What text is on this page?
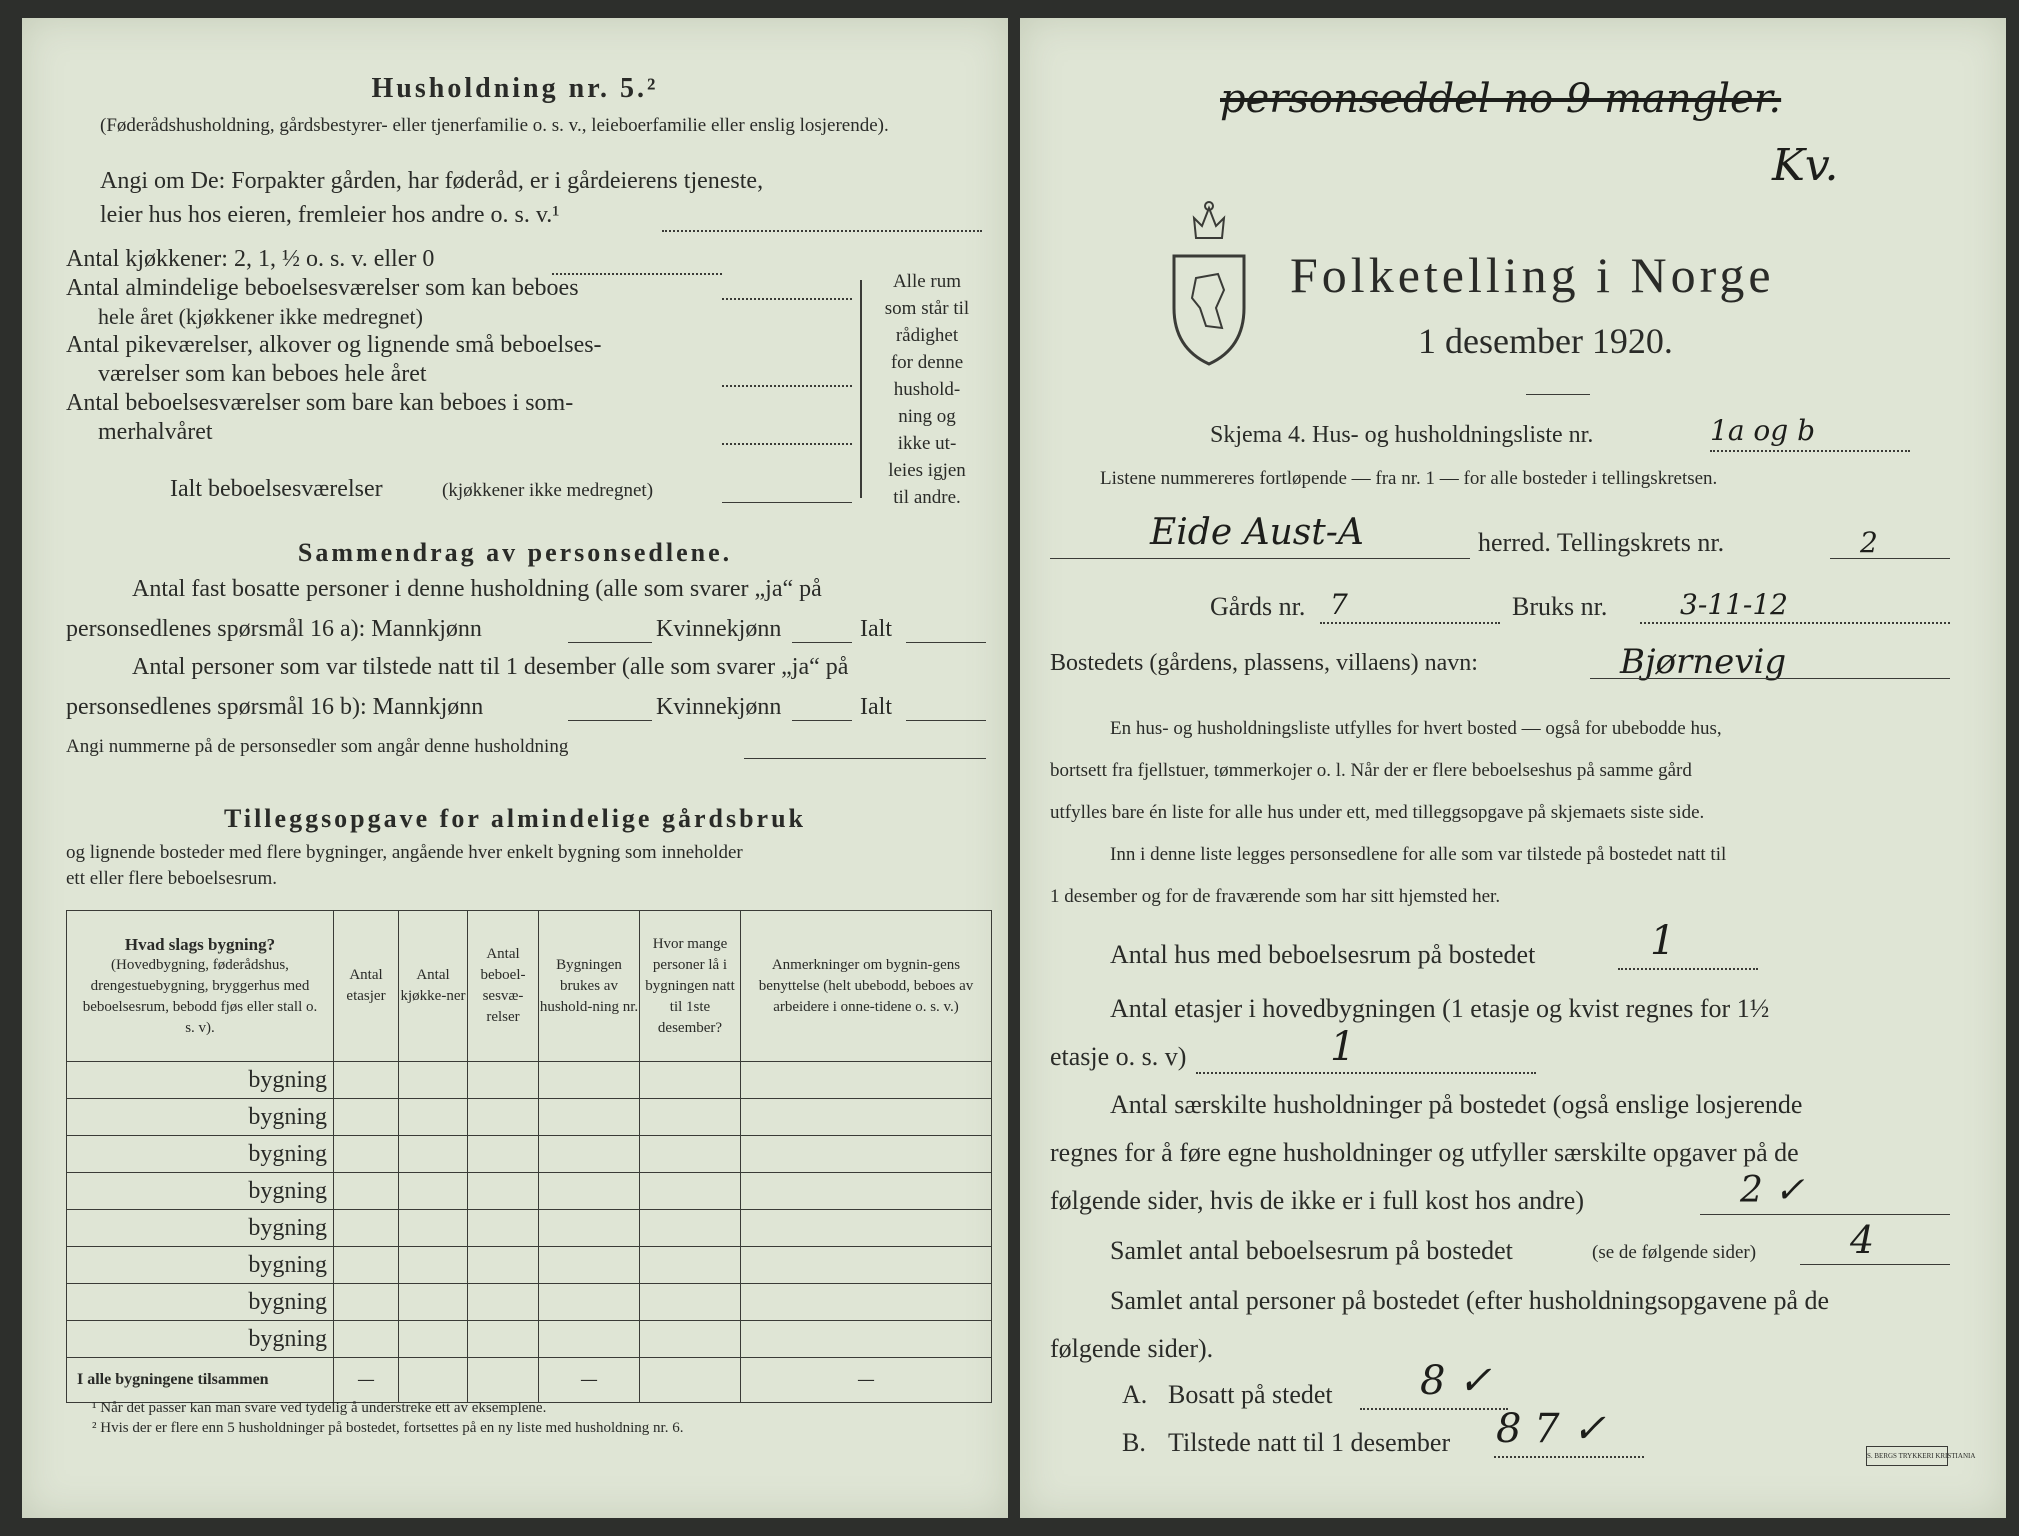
Husholdning nr. 5.²
(Føderådshusholdning, gårdsbestyrer- eller tjenerfamilie o. s. v., leieboerfamilie eller enslig losjerende).
Angi om De: Forpakter gården, har føderåd, er i gårdeierens tjeneste,
leier hus hos eieren, fremleier hos andre o. s. v.¹
Antal kjøkkener: 2, 1, ½ o. s. v. eller 0
Antal almindelige beboelsesværelser som kan beboes
hele året (kjøkkener ikke medregnet)
Antal pikeværelser, alkover og lignende små beboelses-
værelser som kan beboes hele året
Antal beboelsesværelser som bare kan beboes i som-
merhalvåret
Ialt beboelsesværelser	(kjøkkener ikke medregnet)
Alle rum
som står til
rådighet
for denne
hushold-
ning og
ikke ut-
leies igjen
til andre.
Sammendrag av personsedlene.
Antal fast bosatte personer i denne husholdning (alle som svarer „ja“ på
personsedlenes spørsmål 16 a): Mannkjønn	Kvinnekjønn	Ialt
Antal personer som var tilstede natt til 1 desember (alle som svarer „ja“ på
personsedlenes spørsmål 16 b): Mannkjønn	Kvinnekjønn	Ialt
Angi nummerne på de personsedler som angår denne husholdning
Tilleggsopgave for almindelige gårdsbruk
og lignende bosteder med flere bygninger, angående hver enkelt bygning som inneholder
ett eller flere beboelsesrum.
Hvad slags bygning?
(Hovedbygning, føderådshus, drengestuebygning, bryggerhus med beboelsesrum, bebodd fjøs eller stall o. s. v).	Antal etasjer	Antal kjøkke-ner	Antal beboel-sesvæ-relser	Bygningen brukes av hushold-ning nr.	Hvor mange personer lå i bygningen natt til 1ste desember?	Anmerkninger om bygnin-gens benyttelse (helt ubebodd, beboes av arbeidere i onne-tidene o. s. v.)
bygning						
bygning						
bygning						
bygning						
bygning						
bygning						
bygning						
bygning						
I alle bygningene tilsammen	—			—		—
¹ Når det passer kan man svare ved tydelig å understreke ett av eksemplene.
² Hvis der er flere enn 5 husholdninger på bostedet, fortsettes på en ny liste med husholdning nr. 6.
personseddel no 9 mangler.
Kv.
Folketelling i Norge
1 desember 1920.
Skjema 4. Hus- og husholdningsliste nr.	1a og b
Listene nummereres fortløpende — fra nr. 1 — for alle bosteder i tellingskretsen.
Eide Aust-A	herred. Tellingskrets nr.	2
Gårds nr. 7	Bruks nr.	3-11-12
Bostedets (gårdens, plassens, villaens) navn:	Bjørnevig
En hus- og husholdningsliste utfylles for hvert bosted — også for ubebodde hus,
bortsett fra fjellstuer, tømmerkojer o. l. Når der er flere beboelseshus på samme gård
utfylles bare én liste for alle hus under ett, med tilleggsopgave på skjemaets siste side.
Inn i denne liste legges personsedlene for alle som var tilstede på bostedet natt til
1 desember og for de fraværende som har sitt hjemsted her.
Antal hus med beboelsesrum på bostedet	1
Antal etasjer i hovedbygningen (1 etasje og kvist regnes for 1½
etasje o. s. v)	1
Antal særskilte husholdninger på bostedet (også enslige losjerende
regnes for å føre egne husholdninger og utfyller særskilte opgaver på de
følgende sider, hvis de ikke er i full kost hos andre)	2 ✓
Samlet antal beboelsesrum på bostedet	(se de følgende sider) 4
Samlet antal personer på bostedet (efter husholdningsopgavene på de
følgende sider).
A. Bosatt på stedet 8 ✓
B. Tilstede natt til 1 desember 8 7 ✓
S. BERGS TRYKKERI KRISTIANIA
